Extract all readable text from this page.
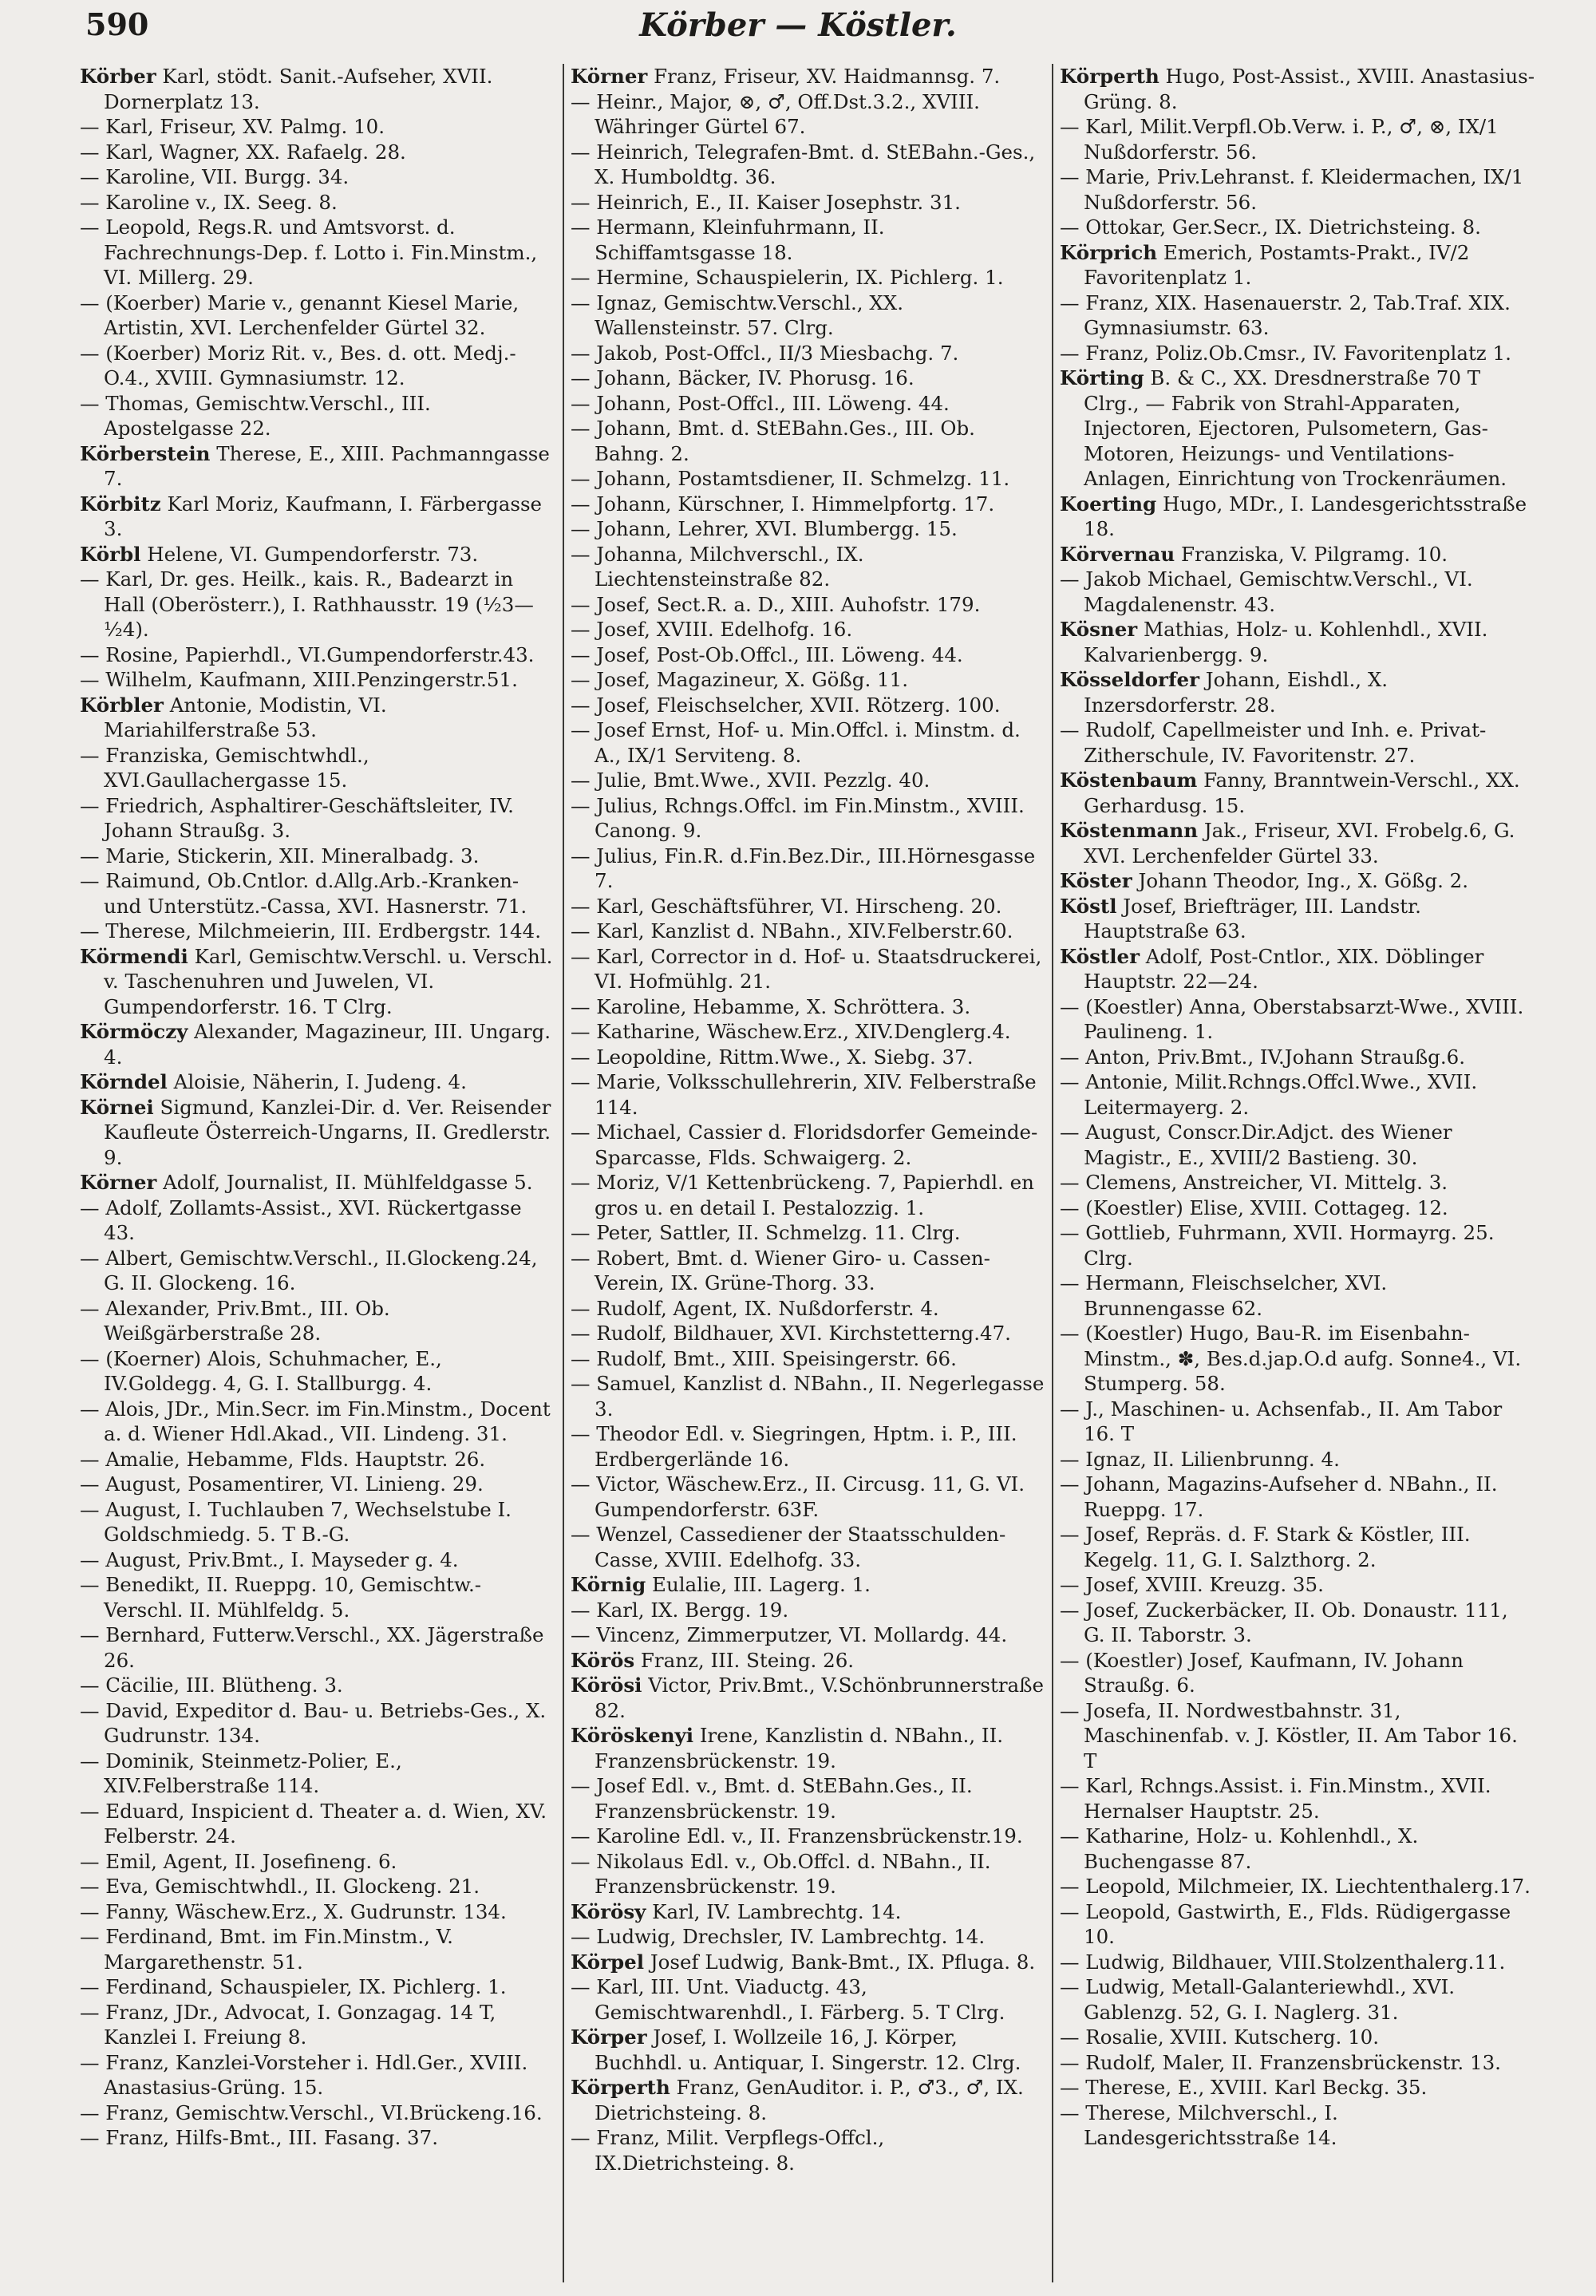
590	Körber — Köstler.

Körber Karl, stödt. Sanit.-Aufseher, XVII. Dornerplatz 13.

— Karl, Friseur, XV. Palmg. 10.

— Karl, Wagner, XX. Rafaelg. 28.

— Karoline, VII. Burgg. 34.

— Karoline v., IX. Seeg. 8.

— Leopold, Regs.R. und Amtsvorst. d. Fachrechnungs-Dep. f. Lotto i. Fin.Minstm., VI. Millerg. 29.

— (Koerber) Marie v., genannt Kiesel Marie, Artistin, XVI. Lerchenfelder Gürtel 32.

— (Koerber) Moriz Rit. v., Bes. d. ott. Medj.-O.4., XVIII. Gymnasiumstr. 12.

— Thomas, Gemischtw.Verschl., III. Apostelgasse 22.

Körberstein Therese, E., XIII. Pachmanngasse 7.

Körbitz Karl Moriz, Kaufmann, I. Färbergasse 3.

Körbl Helene, VI. Gumpendorferstr. 73.

— Karl, Dr. ges. Heilk., kais. R., Badearzt in Hall (Oberösterr.), I. Rathhausstr. 19 (½3—½4).

— Rosine, Papierhdl., VI.Gumpendorferstr.43.

— Wilhelm, Kaufmann, XIII.Penzingerstr.51.

Körbler Antonie, Modistin, VI. Mariahilferstraße 53.

— Franziska, Gemischtwhdl., XVI.Gaullachergasse 15.

— Friedrich, Asphaltirer-Geschäftsleiter, IV. Johann Straußg. 3.

— Marie, Stickerin, XII. Mineralbadg. 3.

— Raimund, Ob.Cntlor. d.Allg.Arb.-Kranken- und Unterstütz.-Cassa, XVI. Hasnerstr. 71.

— Therese, Milchmeierin, III. Erdbergstr. 144.

Körmendi Karl, Gemischtw.Verschl. u. Verschl. v. Taschenuhren und Juwelen, VI. Gumpendorferstr. 16. T Clrg.

Körmöczy Alexander, Magazineur, III. Ungarg. 4.

Körndel Aloisie, Näherin, I. Judeng. 4.

Körnei Sigmund, Kanzlei-Dir. d. Ver. Reisender Kaufleute Österreich-Ungarns, II. Gredlerstr. 9.

Körner Adolf, Journalist, II. Mühlfeldgasse 5.

— Adolf, Zollamts-Assist., XVI. Rückertgasse 43.

— Albert, Gemischtw.Verschl., II.Glockeng.24, G. II. Glockeng. 16.

— Alexander, Priv.Bmt., III. Ob. Weißgärberstraße 28.

— (Koerner) Alois, Schuhmacher, E., IV.Goldegg. 4, G. I. Stallburgg. 4.

— Alois, JDr., Min.Secr. im Fin.Minstm., Docent a. d. Wiener Hdl.Akad., VII. Lindeng. 31.

— Amalie, Hebamme, Flds. Hauptstr. 26.

— August, Posamentirer, VI. Linieng. 29.

— August, I. Tuchlauben 7, Wechselstube I. Goldschmiedg. 5. T B.-G.

— August, Priv.Bmt., I. Mayseder g. 4.

— Benedikt, II. Rueppg. 10, Gemischtw.-Verschl. II. Mühlfeldg. 5.

— Bernhard, Futterw.Verschl., XX. Jägerstraße 26.

— Cäcilie, III. Blütheng. 3.

— David, Expeditor d. Bau- u. Betriebs-Ges., X. Gudrunstr. 134.

— Dominik, Steinmetz-Polier, E., XIV.Felberstraße 114.

— Eduard, Inspicient d. Theater a. d. Wien, XV. Felberstr. 24.

— Emil, Agent, II. Josefineng. 6.

— Eva, Gemischtwhdl., II. Glockeng. 21.

— Fanny, Wäschew.Erz., X. Gudrunstr. 134.

— Ferdinand, Bmt. im Fin.Minstm., V. Margarethenstr. 51.

— Ferdinand, Schauspieler, IX. Pichlerg. 1.

— Franz, JDr., Advocat, I. Gonzagag. 14 T, Kanzlei I. Freiung 8.

— Franz, Kanzlei-Vorsteher i. Hdl.Ger., XVIII. Anastasius-Grüng. 15.

— Franz, Gemischtw.Verschl., VI.Brückeng.16.

— Franz, Hilfs-Bmt., III. Fasang. 37.

Körner Franz, Friseur, XV. Haidmannsg. 7.

— Heinr., Major, ⊗, ♂, Off.Dst.3.2., XVIII. Währinger Gürtel 67.

— Heinrich, Telegrafen-Bmt. d. StEBahn.-Ges., X. Humboldtg. 36.

— Heinrich, E., II. Kaiser Josephstr. 31.

— Hermann, Kleinfuhrmann, II. Schiffamtsgasse 18.

— Hermine, Schauspielerin, IX. Pichlerg. 1.

— Ignaz, Gemischtw.Verschl., XX. Wallensteinstr. 57. Clrg.

— Jakob, Post-Offcl., II/3 Miesbachg. 7.

— Johann, Bäcker, IV. Phorusg. 16.

— Johann, Post-Offcl., III. Löweng. 44.

— Johann, Bmt. d. StEBahn.Ges., III. Ob. Bahng. 2.

— Johann, Postamtsdiener, II. Schmelzg. 11.

— Johann, Kürschner, I. Himmelpfortg. 17.

— Johann, Lehrer, XVI. Blumbergg. 15.

— Johanna, Milchverschl., IX. Liechtensteinstraße 82.

— Josef, Sect.R. a. D., XIII. Auhofstr. 179.

— Josef, XVIII. Edelhofg. 16.

— Josef, Post-Ob.Offcl., III. Löweng. 44.

— Josef, Magazineur, X. Gößg. 11.

— Josef, Fleischselcher, XVII. Rötzerg. 100.

— Josef Ernst, Hof- u. Min.Offcl. i. Minstm. d. A., IX/1 Serviteng. 8.

— Julie, Bmt.Wwe., XVII. Pezzlg. 40.

— Julius, Rchngs.Offcl. im Fin.Minstm., XVIII. Canong. 9.

— Julius, Fin.R. d.Fin.Bez.Dir., III.Hörnesgasse 7.

— Karl, Geschäftsführer, VI. Hirscheng. 20.

— Karl, Kanzlist d. NBahn., XIV.Felberstr.60.

— Karl, Corrector in d. Hof- u. Staatsdruckerei, VI. Hofmühlg. 21.

— Karoline, Hebamme, X. Schröttera. 3.

— Katharine, Wäschew.Erz., XIV.Denglerg.4.

— Leopoldine, Rittm.Wwe., X. Siebg. 37.

— Marie, Volksschullehrerin, XIV. Felberstraße 114.

— Michael, Cassier d. Floridsdorfer Gemeinde-Sparcasse, Flds. Schwaigerg. 2.

— Moriz, V/1 Kettenbrückeng. 7, Papierhdl. en gros u. en detail I. Pestalozzig. 1.

— Peter, Sattler, II. Schmelzg. 11. Clrg.

— Robert, Bmt. d. Wiener Giro- u. Cassen-Verein, IX. Grüne-Thorg. 33.

— Rudolf, Agent, IX. Nußdorferstr. 4.

— Rudolf, Bildhauer, XVI. Kirchstetterng.47.

— Rudolf, Bmt., XIII. Speisingerstr. 66.

— Samuel, Kanzlist d. NBahn., II. Negerlegasse 3.

— Theodor Edl. v. Siegringen, Hptm. i. P., III. Erdbergerlände 16.

— Victor, Wäschew.Erz., II. Circusg. 11, G. VI. Gumpendorferstr. 63F.

— Wenzel, Cassediener der Staatsschulden-Casse, XVIII. Edelhofg. 33.

Körnig Eulalie, III. Lagerg. 1.

— Karl, IX. Bergg. 19.

— Vincenz, Zimmerputzer, VI. Mollardg. 44.

Körös Franz, III. Steing. 26.

Körösi Victor, Priv.Bmt., V.Schönbrunnerstraße 82.

Köröskenyi Irene, Kanzlistin d. NBahn., II. Franzensbrückenstr. 19.

— Josef Edl. v., Bmt. d. StEBahn.Ges., II. Franzensbrückenstr. 19.

— Karoline Edl. v., II. Franzensbrückenstr.19.

— Nikolaus Edl. v., Ob.Offcl. d. NBahn., II. Franzensbrückenstr. 19.

Körösy Karl, IV. Lambrechtg. 14.

— Ludwig, Drechsler, IV. Lambrechtg. 14.

Körpel Josef Ludwig, Bank-Bmt., IX. Pfluga. 8.

— Karl, III. Unt. Viaductg. 43, Gemischtwarenhdl., I. Färberg. 5. T Clrg.

Körper Josef, I. Wollzeile 16, J. Körper, Buchhdl. u. Antiquar, I. Singerstr. 12. Clrg.

Körperth Franz, GenAuditor. i. P., ♂3., ♂, IX. Dietrichsteing. 8.

— Franz, Milit. Verpflegs-Offcl., IX.Dietrichsteing. 8.

Körperth Hugo, Post-Assist., XVIII. Anastasius-Grüng. 8.

— Karl, Milit.Verpfl.Ob.Verw. i. P., ♂, ⊗, IX/1 Nußdorferstr. 56.

— Marie, Priv.Lehranst. f. Kleidermachen, IX/1 Nußdorferstr. 56.

— Ottokar, Ger.Secr., IX. Dietrichsteing. 8.

Körprich Emerich, Postamts-Prakt., IV/2 Favoritenplatz 1.

— Franz, XIX. Hasenauerstr. 2, Tab.Traf. XIX. Gymnasiumstr. 63.

— Franz, Poliz.Ob.Cmsr., IV. Favoritenplatz 1.

Körting B. & C., XX. Dresdnerstraße 70 T Clrg., — Fabrik von Strahl-Apparaten, Injectoren, Ejectoren, Pulsometern, Gas-Motoren, Heizungs- und Ventilations-Anlagen, Einrichtung von Trockenräumen.

Koerting Hugo, MDr., I. Landesgerichtsstraße 18.

Körvernau Franziska, V. Pilgramg. 10.

— Jakob Michael, Gemischtw.Verschl., VI. Magdalenenstr. 43.

Kösner Mathias, Holz- u. Kohlenhdl., XVII. Kalvarienbergg. 9.

Kösseldorfer Johann, Eishdl., X. Inzersdorferstr. 28.

— Rudolf, Capellmeister und Inh. e. Privat-Zitherschule, IV. Favoritenstr. 27.

Köstenbaum Fanny, Branntwein-Verschl., XX. Gerhardusg. 15.

Köstenmann Jak., Friseur, XVI. Frobelg.6, G. XVI. Lerchenfelder Gürtel 33.

Köster Johann Theodor, Ing., X. Gößg. 2.

Köstl Josef, Briefträger, III. Landstr. Hauptstraße 63.

Köstler Adolf, Post-Cntlor., XIX. Döblinger Hauptstr. 22—24.

— (Koestler) Anna, Oberstabsarzt-Wwe., XVIII. Paulineng. 1.

— Anton, Priv.Bmt., IV.Johann Straußg.6.

— Antonie, Milit.Rchngs.Offcl.Wwe., XVII. Leitermayerg. 2.

— August, Conscr.Dir.Adjct. des Wiener Magistr., E., XVIII/2 Bastieng. 30.

— Clemens, Anstreicher, VI. Mittelg. 3.

— (Koestler) Elise, XVIII. Cottageg. 12.

— Gottlieb, Fuhrmann, XVII. Hormayrg. 25. Clrg.

— Hermann, Fleischselcher, XVI. Brunnengasse 62.

— (Koestler) Hugo, Bau-R. im Eisenbahn-Minstm., ✽, Bes.d.jap.O.d aufg. Sonne4., VI. Stumperg. 58.

— J., Maschinen- u. Achsenfab., II. Am Tabor 16. T

— Ignaz, II. Lilienbrunng. 4.

— Johann, Magazins-Aufseher d. NBahn., II. Rueppg. 17.

— Josef, Repräs. d. F. Stark & Köstler, III. Kegelg. 11, G. I. Salzthorg. 2.

— Josef, XVIII. Kreuzg. 35.

— Josef, Zuckerbäcker, II. Ob. Donaustr. 111, G. II. Taborstr. 3.

— (Koestler) Josef, Kaufmann, IV. Johann Straußg. 6.

— Josefa, II. Nordwestbahnstr. 31, Maschinenfab. v. J. Köstler, II. Am Tabor 16. T

— Karl, Rchngs.Assist. i. Fin.Minstm., XVII. Hernalser Hauptstr. 25.

— Katharine, Holz- u. Kohlenhdl., X. Buchengasse 87.

— Leopold, Milchmeier, IX. Liechtenthalerg.17.

— Leopold, Gastwirth, E., Flds. Rüdigergasse 10.

— Ludwig, Bildhauer, VIII.Stolzenthalerg.11.

— Ludwig, Metall-Galanteriewhdl., XVI. Gablenzg. 52, G. I. Naglerg. 31.

— Rosalie, XVIII. Kutscherg. 10.

— Rudolf, Maler, II. Franzensbrückenstr. 13.

— Therese, E., XVIII. Karl Beckg. 35.

— Therese, Milchverschl., I. Landesgerichtsstraße 14.
